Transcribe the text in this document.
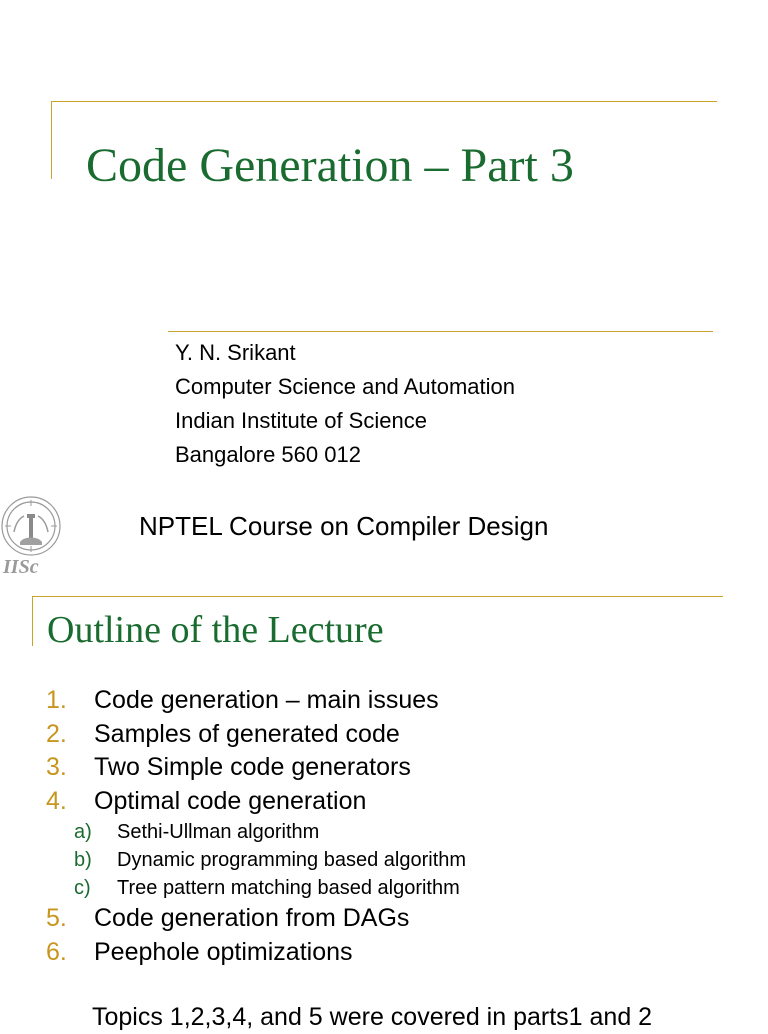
Code Generation – Part 3
Y. N. Srikant
Computer Science and Automation
Indian Institute of Science
Bangalore 560 012
IISc
NPTEL Course on Compiler Design
Outline of the Lecture
1. Code generation – main issues
2. Samples of generated code
3. Two Simple code generators
4. Optimal code generation
a) Sethi-Ullman algorithm
b) Dynamic programming based algorithm
c) Tree pattern matching based algorithm
5. Code generation from DAGs
6. Peephole optimizations
Topics 1,2,3,4, and 5 were covered in parts1 and 2
